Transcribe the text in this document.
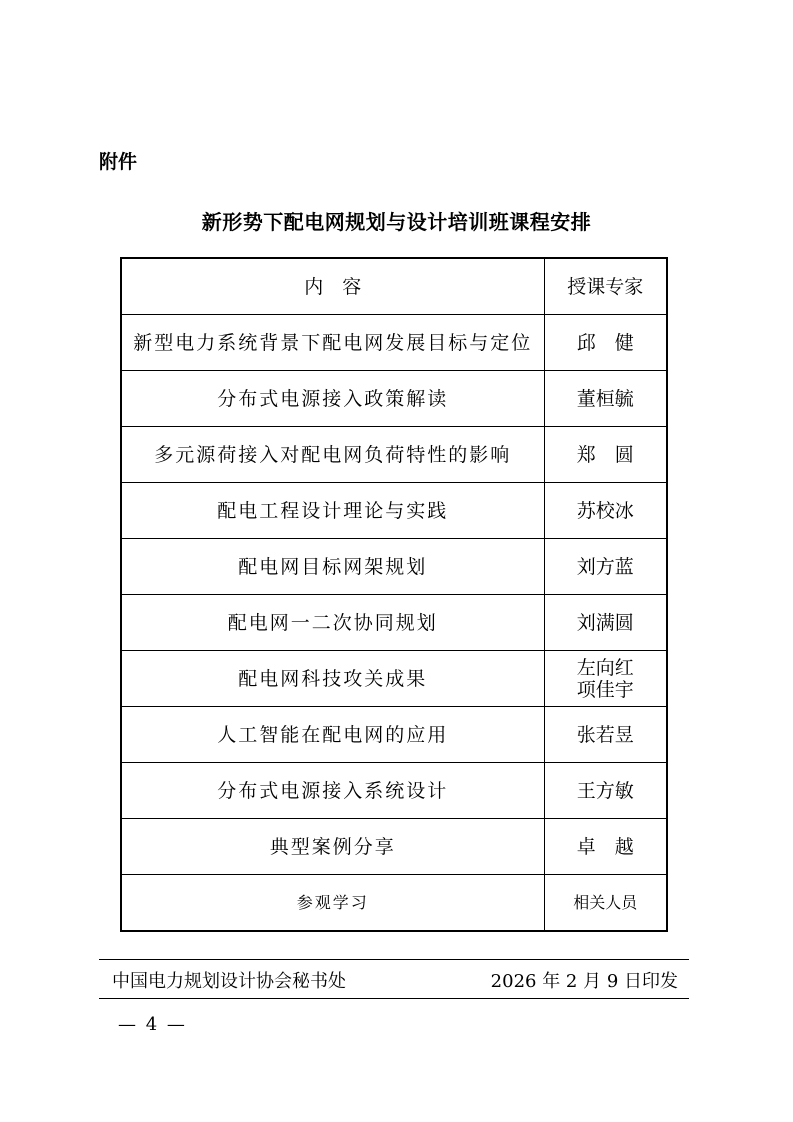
附件
新形势下配电网规划与设计培训班课程安排
内　容	授课专家
新型电力系统背景下配电网发展目标与定位	邱　健

分布式电源接入政策解读	董桓毓

多元源荷接入对配电网负荷特性的影响	郑　圆

配电工程设计理论与实践	苏校冰

配电网目标网架规划	刘方蓝

配电网一二次协同规划	刘满圆

配电网科技攻关成果	左向红
项佳宇

人工智能在配电网的应用	张若昱

分布式电源接入系统设计	王方敏

典型案例分享	卓　越

参观学习	相关人员
中国电力规划设计协会秘书处	2026 年 2 月 9 日印发
— 4 —
